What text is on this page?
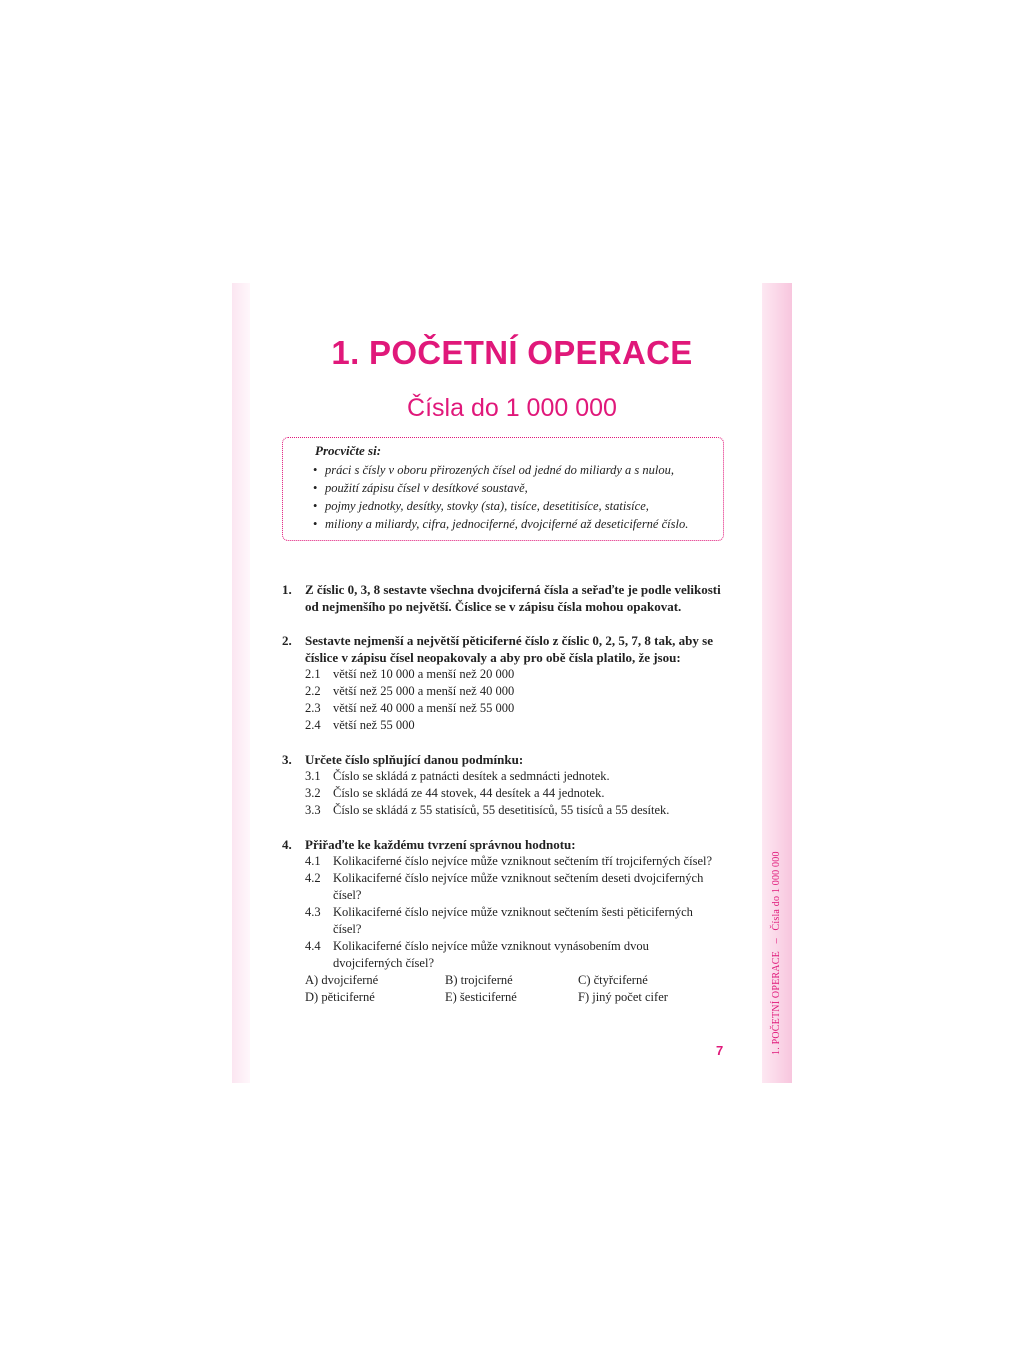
1. POČETNÍ OPERACE – Čísla do 1 000 000
1. POČETNÍ OPERACE
Čísla do 1 000 000

Procvičte si:

• práci s čísly v oboru přirozených čísel od jedné do miliardy a s nulou,
• použití zápisu čísel v desítkové soustavě,
• pojmy jednotky, desítky, stovky (sta), tisíce, desetitisíce, statisíce,
• miliony a miliardy, cifra, jednociferné, dvojciferné až deseticiferné číslo.
1. Z číslic 0, 3, 8 sestavte všechna dvojciferná čísla a seřaďte je podle velikosti
od nejmenšího po největší. Číslice se v zápisu čísla mohou opakovat.
2. Sestavte nejmenší a největší pěticiferné číslo z číslic 0, 2, 5, 7, 8 tak, aby se
číslice v zápisu čísel neopakovaly a aby pro obě čísla platilo, že jsou:
2.1 větší než 10 000 a menší než 20 000
2.2 větší než 25 000 a menší než 40 000
2.3 větší než 40 000 a menší než 55 000
2.4 větší než 55 000
3. Určete číslo splňující danou podmínku:
3.1 Číslo se skládá z patnácti desítek a sedmnácti jednotek.
3.2 Číslo se skládá ze 44 stovek, 44 desítek a 44 jednotek.
3.3 Číslo se skládá z 55 statisíců, 55 desetitisíců, 55 tisíců a 55 desítek.
4. Přiřaďte ke každému tvrzení správnou hodnotu:
4.1 Kolikaciferné číslo nejvíce může vzniknout sečtením tří trojciferných čísel?
4.2 Kolikaciferné číslo nejvíce může vzniknout sečtením deseti dvojciferných čísel?
4.3 Kolikaciferné číslo nejvíce může vzniknout sečtením šesti pěticiferných čísel?
4.4 Kolikaciferné číslo nejvíce může vzniknout vynásobením dvou dvojciferných čísel?
A) dvojciferné	B) trojciferné	C) čtyřciferné
D) pěticiferné	E) šesticiferné	F) jiný počet cifer
7
